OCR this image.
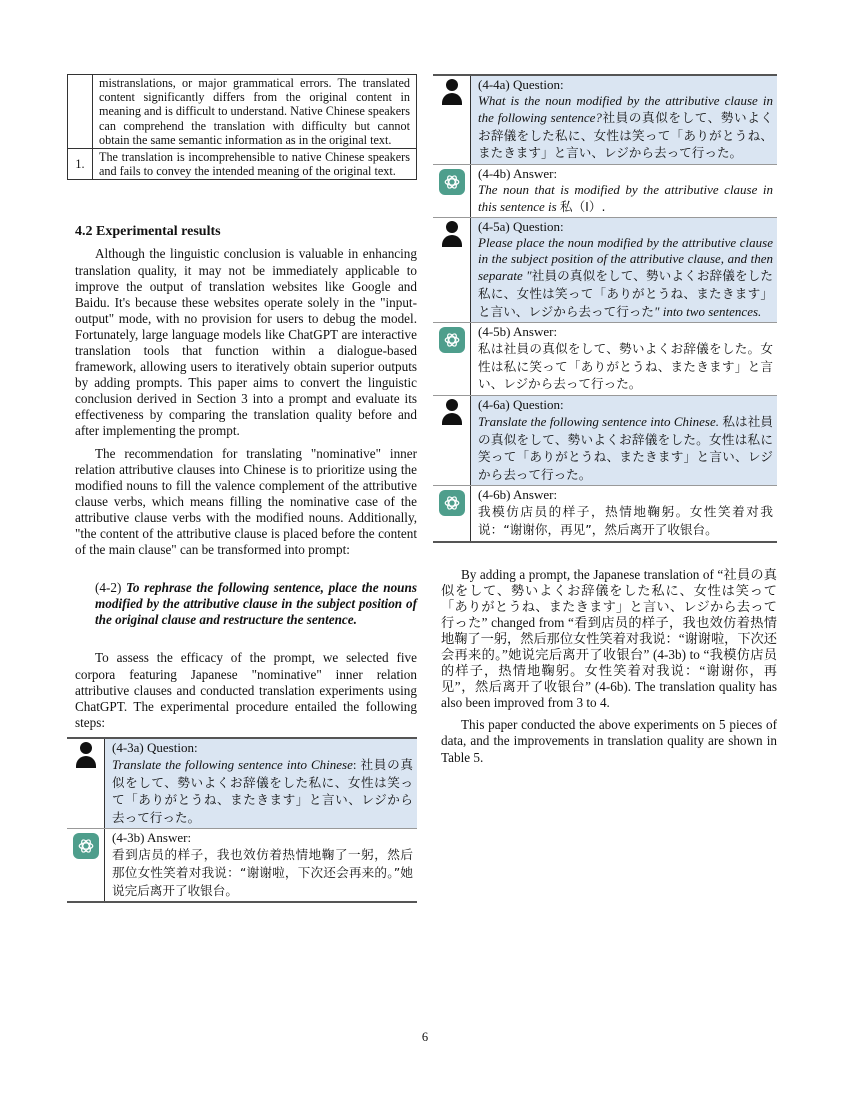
	mistranslations, or major grammatical errors. The translated content significantly differs from the original content in meaning and is difficult to understand. Native Chinese speakers can comprehend the translation with difficulty but cannot obtain the same semantic information as in the original text.
1.	The translation is incomprehensible to native Chinese speakers and fails to convey the intended meaning of the original text.
4.2 Experimental results

Although the linguistic conclusion is valuable in enhancing translation quality, it may not be immediately applicable to improve the output of translation websites like Google and Baidu. It's because these websites operate solely in the "input-output" mode, with no provision for users to debug the model. Fortunately, large language models like ChatGPT are interactive translation tools that function within a dialogue-based framework, allowing users to iteratively obtain superior outputs by adding prompts. This paper aims to convert the linguistic conclusion derived in Section 3 into a prompt and evaluate its effectiveness by comparing the translation quality before and after implementing the prompt.

The recommendation for translating "nominative" inner relation attributive clauses into Chinese is to prioritize using the modified nouns to fill the valence complement of the attributive clause verbs, which means filling the nominative case of the attributive clause verbs with the modified nouns. Additionally, "the content of the attributive clause is placed before the content of the main clause" can be transformed into prompt:

(4-2) To rephrase the following sentence, place the nouns modified by the attributive clause in the subject position of the original clause and restructure the sentence.

To assess the efficacy of the prompt, we selected five corpora featuring Japanese "nominative" inner relation attributive clauses and conducted translation experiments using ChatGPT. The experimental procedure entailed the following steps:

(4-3a) Question:
Translate the following sentence into Chinese: 社員の真似をして、勢いよくお辞儀をした私に、女性は笑って「ありがとうね、またきます」と言い、レジから去って行った。
(4-3b) Answer:
看到店员的样子，我也效仿着热情地鞠了一躬，然后那位女性笑着对我说：“谢谢啦，下次还会再来的。”她说完后离开了收银台。
(4-4a) Question:
What is the noun modified by the attributive clause in the following sentence?社員の真似をして、勢いよくお辞儀をした私に、女性は笑って「ありがとうね、またきます」と言い、レジから去って行った。
(4-4b) Answer:
The noun that is modified by the attributive clause in this sentence is 私（I）.
(4-5a) Question:
Please place the noun modified by the attributive clause in the subject position of the attributive clause, and then separate "社員の真似をして、勢いよくお辞儀をした私に、女性は笑って「ありがとうね、またきます」と言い、レジから去って行った" into two sentences.
(4-5b) Answer:
私は社員の真似をして、勢いよくお辞儀をした。女性は私に笑って「ありがとうね、またきます」と言い、レジから去って行った。
(4-6a) Question:
Translate the following sentence into Chinese. 私は社員の真似をして、勢いよくお辞儀をした。女性は私に笑って「ありがとうね、またきます」と言い、レジから去って行った。
(4-6b) Answer:
我模仿店员的样子，热情地鞠躬。女性笑着对我说：“谢谢你，再见”，然后离开了收银台。

By adding a prompt, the Japanese translation of “社員の真似をして、勢いよくお辞儀をした私に、女性は笑って「ありがとうね、またきます」と言い、レジから去って行った” changed from “看到店员的样子，我也效仿着热情地鞠了一躬，然后那位女性笑着对我说：“谢谢啦，下次还会再来的。”她说完后离开了收银台” (4-3b) to “我模仿店员的样子，热情地鞠躬。女性笑着对我说：“谢谢你，再见”，然后离开了收银台” (4-6b). The translation quality has also been improved from 3 to 4.

This paper conducted the above experiments on 5 pieces of data, and the improvements in translation quality are shown in Table 5.

6
